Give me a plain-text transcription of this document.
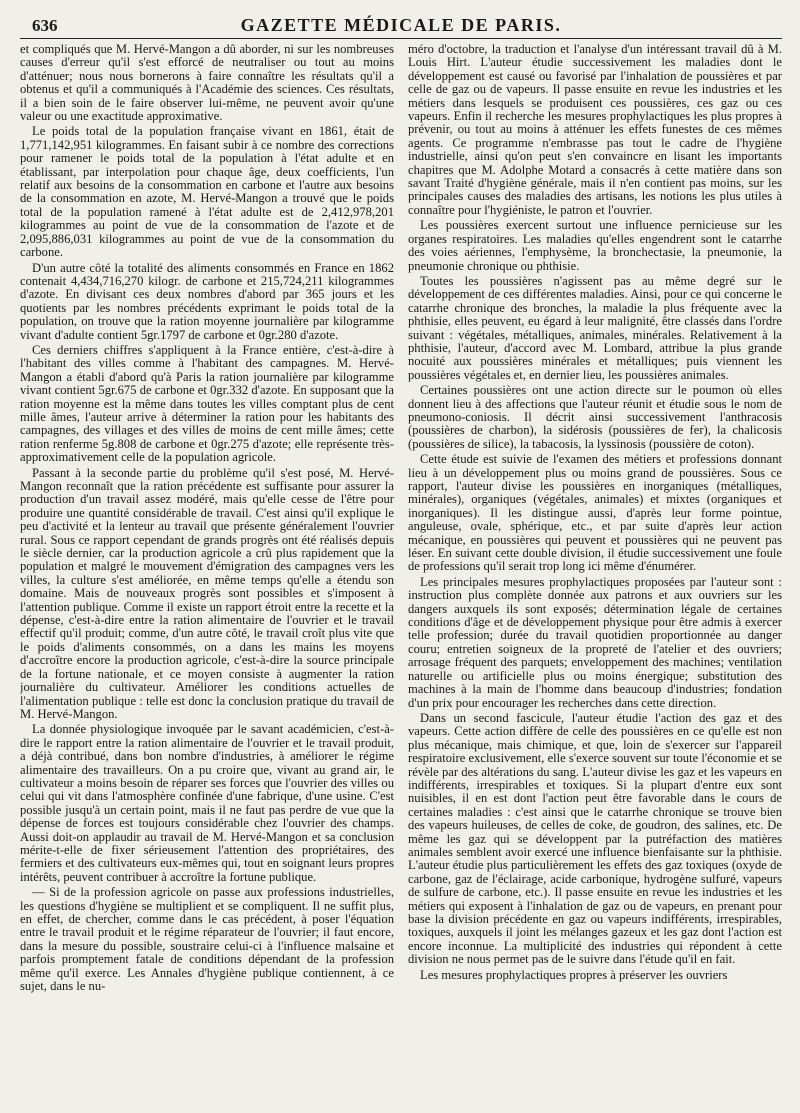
636	GAZETTE MÉDICALE DE PARIS.

et compliqués que M. Hervé-Mangon a dû aborder, ni sur les nombreuses causes d'erreur qu'il s'est efforcé de neutraliser ou tout au moins d'atténuer; nous nous bornerons à faire connaître les résultats qu'il a obtenus et qu'il a communiqués à l'Académie des sciences. Ces résultats, il a bien soin de le faire observer lui-même, ne peuvent avoir qu'une valeur ou une exactitude approximative.

Le poids total de la population française vivant en 1861, était de 1,771,142,951 kilogrammes. En faisant subir à ce nombre des corrections pour ramener le poids total de la population à l'état adulte et en établissant, par interpolation pour chaque âge, deux coefficients, l'un relatif aux besoins de la consommation en carbone et l'autre aux besoins de la consommation en azote, M. Hervé-Mangon a trouvé que le poids total de la population ramené à l'état adulte est de 2,412,978,201 kilogrammes au point de vue de la consommation de l'azote et de 2,095,886,031 kilogrammes au point de vue de la consommation du carbone.

D'un autre côté la totalité des aliments consommés en France en 1862 contenait 4,434,716,270 kilogr. de carbone et 215,724,211 kilogrammes d'azote. En divisant ces deux nombres d'abord par 365 jours et les quotients par les nombres précédents exprimant le poids total de la population, on trouve que la ration moyenne journalière par kilogramme vivant d'adulte contient 5gr.1797 de carbone et 0gr.280 d'azote.

Ces derniers chiffres s'appliquent à la France entière, c'est-à-dire à l'habitant des villes comme à l'habitant des campagnes. M. Hervé-Mangon a établi d'abord qu'à Paris la ration journalière par kilogramme vivant contient 5gr.675 de carbone et 0gr.332 d'azote. En supposant que la ration moyenne est la même dans toutes les villes comptant plus de cent mille âmes, l'auteur arrive à déterminer la ration pour les habitants des campagnes, des villages et des villes de moins de cent mille âmes; cette ration renferme 5g.808 de carbone et 0gr.275 d'azote; elle représente très-approximativement celle de la population agricole.

Passant à la seconde partie du problème qu'il s'est posé, M. Hervé-Mangon reconnaît que la ration précédente est suffisante pour assurer la production d'un travail assez modéré, mais qu'elle cesse de l'être pour produire une quantité considérable de travail. C'est ainsi qu'il explique le peu d'activité et la lenteur au travail que présente généralement l'ouvrier rural. Sous ce rapport cependant de grands progrès ont été réalisés depuis le siècle dernier, car la production agricole a crû plus rapidement que la population et malgré le mouvement d'émigration des campagnes vers les villes, la culture s'est améliorée, en même temps qu'elle a étendu son domaine. Mais de nouveaux progrès sont possibles et s'imposent à l'attention publique. Comme il existe un rapport étroit entre la recette et la dépense, c'est-à-dire entre la ration alimentaire de l'ouvrier et le travail effectif qu'il produit; comme, d'un autre côté, le travail croît plus vite que le poids d'aliments consommés, on a dans les mains les moyens d'accroître encore la production agricole, c'est-à-dire la source principale de la fortune nationale, et ce moyen consiste à augmenter la ration journalière du cultivateur. Améliorer les conditions actuelles de l'alimentation publique : telle est donc la conclusion pratique du travail de M. Hervé-Mangon.

La donnée physiologique invoquée par le savant académicien, c'est-à-dire le rapport entre la ration alimentaire de l'ouvrier et le travail produit, a déjà contribué, dans bon nombre d'industries, à améliorer le régime alimentaire des travailleurs. On a pu croire que, vivant au grand air, le cultivateur a moins besoin de réparer ses forces que l'ouvrier des villes ou celui qui vit dans l'atmosphère confinée d'une fabrique, d'une usine. C'est possible jusqu'à un certain point, mais il ne faut pas perdre de vue que la dépense de forces est toujours considérable chez l'ouvrier des champs. Aussi doit-on applaudir au travail de M. Hervé-Mangon et sa conclusion mérite-t-elle de fixer sérieusement l'attention des propriétaires, des fermiers et des cultivateurs eux-mêmes qui, tout en soignant leurs propres intérêts, peuvent contribuer à accroître la fortune publique.

— Si de la profession agricole on passe aux professions industrielles, les questions d'hygiène se multiplient et se compliquent. Il ne suffit plus, en effet, de chercher, comme dans le cas précédent, à poser l'équation entre le travail produit et le régime réparateur de l'ouvrier; il faut encore, dans la mesure du possible, soustraire celui-ci à l'influence malsaine et parfois promptement fatale de conditions dépendant de la profession même qu'il exerce. Les Annales d'hygiène publique contiennent, à ce sujet, dans le nu-

méro d'octobre, la traduction et l'analyse d'un intéressant travail dû à M. Louis Hirt. L'auteur étudie successivement les maladies dont le développement est causé ou favorisé par l'inhalation de poussières et par celle de gaz ou de vapeurs. Il passe ensuite en revue les industries et les métiers dans lesquels se produisent ces poussières, ces gaz ou ces vapeurs. Enfin il recherche les mesures prophylactiques les plus propres à prévenir, ou tout au moins à atténuer les effets funestes de ces mêmes agents. Ce programme n'embrasse pas tout le cadre de l'hygiène industrielle, ainsi qu'on peut s'en convaincre en lisant les importants chapitres que M. Adolphe Motard a consacrés à cette matière dans son savant Traité d'hygiène générale, mais il n'en contient pas moins, sur les principales causes des maladies des artisans, les notions les plus utiles à connaître pour l'hygiéniste, le patron et l'ouvrier.

Les poussières exercent surtout une influence pernicieuse sur les organes respiratoires. Les maladies qu'elles engendrent sont le catarrhe des voies aériennes, l'emphysème, la bronchectasie, la pneumonie, la pneumonie chronique ou phthisie.

Toutes les poussières n'agissent pas au même degré sur le développement de ces différentes maladies. Ainsi, pour ce qui concerne le catarrhe chronique des bronches, la maladie la plus fréquente avec la phthisie, elles peuvent, eu égard à leur malignité, être classés dans l'ordre suivant : végétales, métalliques, animales, minérales. Relativement à la phthisie, l'auteur, d'accord avec M. Lombard, attribue la plus grande nocuité aux poussières minérales et métalliques; puis viennent les poussières végétales et, en dernier lieu, les poussières animales.

Certaines poussières ont une action directe sur le poumon où elles donnent lieu à des affections que l'auteur réunit et étudie sous le nom de pneumono-coniosis. Il décrit ainsi successivement l'anthracosis (poussières de charbon), la sidérosis (poussières de fer), la chalicosis (poussières de silice), la tabacosis, la lyssinosis (poussière de coton).

Cette étude est suivie de l'examen des métiers et professions donnant lieu à un développement plus ou moins grand de poussières. Sous ce rapport, l'auteur divise les poussières en inorganiques (métalliques, minérales), organiques (végétales, animales) et mixtes (organiques et inorganiques). Il les distingue aussi, d'après leur forme pointue, anguleuse, ovale, sphérique, etc., et par suite d'après leur action mécanique, en poussières qui peuvent et poussières qui ne peuvent pas léser. En suivant cette double division, il étudie successivement une foule de professions qu'il serait trop long ici même d'énumérer.

Les principales mesures prophylactiques proposées par l'auteur sont : instruction plus complète donnée aux patrons et aux ouvriers sur les dangers auxquels ils sont exposés; détermination légale de certaines conditions d'âge et de développement physique pour être admis à exercer telle profession; durée du travail quotidien proportionnée au danger couru; entretien soigneux de la propreté de l'atelier et des ouvriers; arrosage fréquent des parquets; enveloppement des machines; ventilation naturelle ou artificielle plus ou moins énergique; substitution des machines à la main de l'homme dans beaucoup d'industries; fondation d'un prix pour encourager les recherches dans cette direction.

Dans un second fascicule, l'auteur étudie l'action des gaz et des vapeurs. Cette action diffère de celle des poussières en ce qu'elle est non plus mécanique, mais chimique, et que, loin de s'exercer sur l'appareil respiratoire exclusivement, elle s'exerce souvent sur toute l'économie et se révèle par des altérations du sang. L'auteur divise les gaz et les vapeurs en indifférents, irrespirables et toxiques. Si la plupart d'entre eux sont nuisibles, il en est dont l'action peut être favorable dans le cours de certaines maladies : c'est ainsi que le catarrhe chronique se trouve bien des vapeurs huileuses, de celles de coke, de goudron, des salines, etc. De même les gaz qui se développent par la putréfaction des matières animales semblent avoir exercé une influence bienfaisante sur la phthisie. L'auteur étudie plus particulièrement les effets des gaz toxiques (oxyde de carbone, gaz de l'éclairage, acide carbonique, hydrogène sulfuré, vapeurs de sulfure de carbone, etc.). Il passe ensuite en revue les industries et les métiers qui exposent à l'inhalation de gaz ou de vapeurs, en prenant pour base la division précédente en gaz ou vapeurs indifférents, irrespirables, toxiques, auxquels il joint les mélanges gazeux et les gaz dont l'action est encore inconnue. La multiplicité des industries qui répondent à cette division ne nous permet pas de le suivre dans l'étude qu'il en fait.

Les mesures prophylactiques propres à préserver les ouvriers
